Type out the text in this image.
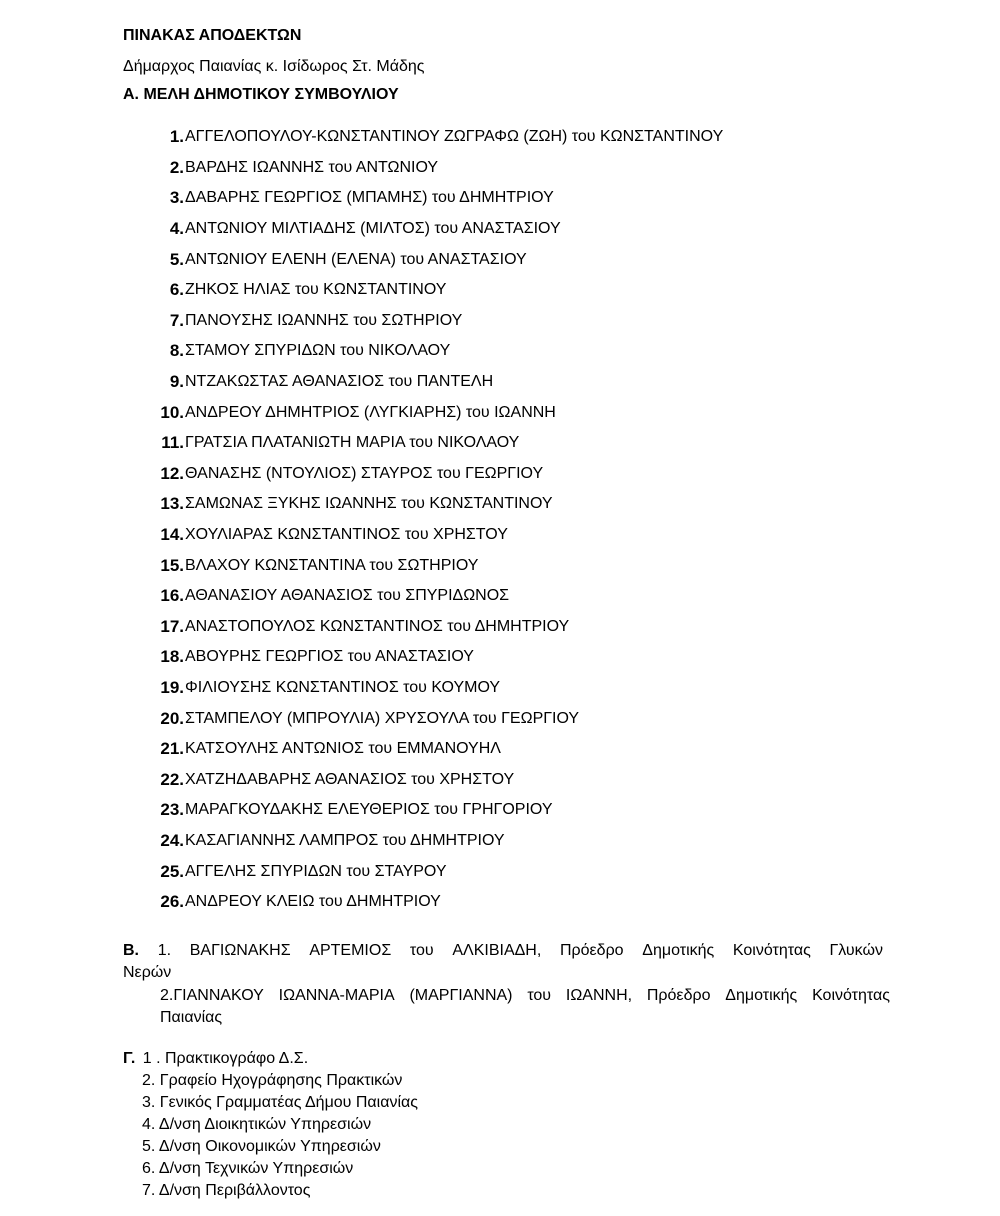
ΠΙΝΑΚΑΣ ΑΠΟΔΕΚΤΩΝ
Δήμαρχος Παιανίας κ. Ισίδωρος Στ. Μάδης
Α. ΜΕΛΗ ΔΗΜΟΤΙΚΟΥ ΣΥΜΒΟΥΛΙΟΥ
1. ΑΓΓΕΛΟΠΟΥΛΟΥ-ΚΩΝΣΤΑΝΤΙΝΟΥ ΖΩΓΡΑΦΩ (ΖΩΗ) του ΚΩΝΣΤΑΝΤΙΝΟΥ
2. ΒΑΡΔΗΣ ΙΩΑΝΝΗΣ του ΑΝΤΩΝΙΟΥ
3. ΔΑΒΑΡΗΣ ΓΕΩΡΓΙΟΣ (ΜΠΑΜΗΣ) του ΔΗΜΗΤΡΙΟΥ
4. ΑΝΤΩΝΙΟΥ ΜΙΛΤΙΑΔΗΣ (ΜΙΛΤΟΣ) του ΑΝΑΣΤΑΣΙΟΥ
5. ΑΝΤΩΝΙΟΥ ΕΛΕΝΗ (ΕΛΕΝΑ) του ΑΝΑΣΤΑΣΙΟΥ
6. ΖΗΚΟΣ ΗΛΙΑΣ του ΚΩΝΣΤΑΝΤΙΝΟΥ
7. ΠΑΝΟΥΣΗΣ ΙΩΑΝΝΗΣ του ΣΩΤΗΡΙΟΥ
8. ΣΤΑΜΟΥ ΣΠΥΡΙΔΩΝ του ΝΙΚΟΛΑΟΥ
9. ΝΤΖΑΚΩΣΤΑΣ ΑΘΑΝΑΣΙΟΣ του ΠΑΝΤΕΛΗ
10. ΑΝΔΡΕΟΥ ΔΗΜΗΤΡΙΟΣ (ΛΥΓΚΙΑΡΗΣ) του ΙΩΑΝΝΗ
11. ΓΡΑΤΣΙΑ ΠΛΑΤΑΝΙΩΤΗ ΜΑΡΙΑ του ΝΙΚΟΛΑΟΥ
12. ΘΑΝΑΣΗΣ (ΝΤΟΥΛΙΟΣ) ΣΤΑΥΡΟΣ του ΓΕΩΡΓΙΟΥ
13. ΣΑΜΩΝΑΣ ΞΥΚΗΣ ΙΩΑΝΝΗΣ του ΚΩΝΣΤΑΝΤΙΝΟΥ
14. ΧΟΥΛΙΑΡΑΣ ΚΩΝΣΤΑΝΤΙΝΟΣ του ΧΡΗΣΤΟΥ
15. ΒΛΑΧΟΥ ΚΩΝΣΤΑΝΤΙΝΑ του ΣΩΤΗΡΙΟΥ
16. ΑΘΑΝΑΣΙΟΥ ΑΘΑΝΑΣΙΟΣ του ΣΠΥΡΙΔΩΝΟΣ
17. ΑΝΑΣΤΟΠΟΥΛΟΣ ΚΩΝΣΤΑΝΤΙΝΟΣ του ΔΗΜΗΤΡΙΟΥ
18. ΑΒΟΥΡΗΣ ΓΕΩΡΓΙΟΣ του ΑΝΑΣΤΑΣΙΟΥ
19. ΦΙΛΙΟΥΣΗΣ ΚΩΝΣΤΑΝΤΙΝΟΣ του ΚΟΥΜΟΥ
20. ΣΤΑΜΠΕΛΟΥ (ΜΠΡΟΥΛΙΑ) ΧΡΥΣΟΥΛΑ του ΓΕΩΡΓΙΟΥ
21. ΚΑΤΣΟΥΛΗΣ ΑΝΤΩΝΙΟΣ του ΕΜΜΑΝΟΥΗΛ
22. ΧΑΤΖΗΔΑΒΑΡΗΣ ΑΘΑΝΑΣΙΟΣ του ΧΡΗΣΤΟΥ
23. ΜΑΡΑΓΚΟΥΔΑΚΗΣ ΕΛΕΥΘΕΡΙΟΣ του ΓΡΗΓΟΡΙΟΥ
24. ΚΑΣΑΓΙΑΝΝΗΣ ΛΑΜΠΡΟΣ του ΔΗΜΗΤΡΙΟΥ
25. ΑΓΓΕΛΗΣ ΣΠΥΡΙΔΩΝ του ΣΤΑΥΡΟΥ
26. ΑΝΔΡΕΟΥ ΚΛΕΙΩ του ΔΗΜΗΤΡΙΟΥ
Β. 1. ΒΑΓΙΩΝΑΚΗΣ ΑΡΤΕΜΙΟΣ του ΑΛΚΙΒΙΑΔΗ, Πρόεδρο Δημοτικής Κοινότητας Γλυκών
Νερών
2.ΓΙΑΝΝΑΚΟΥ ΙΩΑΝΝΑ-ΜΑΡΙΑ (ΜΑΡΓΙΑΝΝΑ) του ΙΩΑΝΝΗ, Πρόεδρο Δημοτικής Κοινότητας
Παιανίας
Γ. 1 . Πρακτικογράφο Δ.Σ.
2. Γραφείο Ηχογράφησης Πρακτικών
3. Γενικός Γραμματέας Δήμου Παιανίας
4. Δ/νση Διοικητικών Υπηρεσιών
5. Δ/νση Οικονομικών Υπηρεσιών
6. Δ/νση Τεχνικών Υπηρεσιών
7. Δ/νση Περιβάλλοντος
